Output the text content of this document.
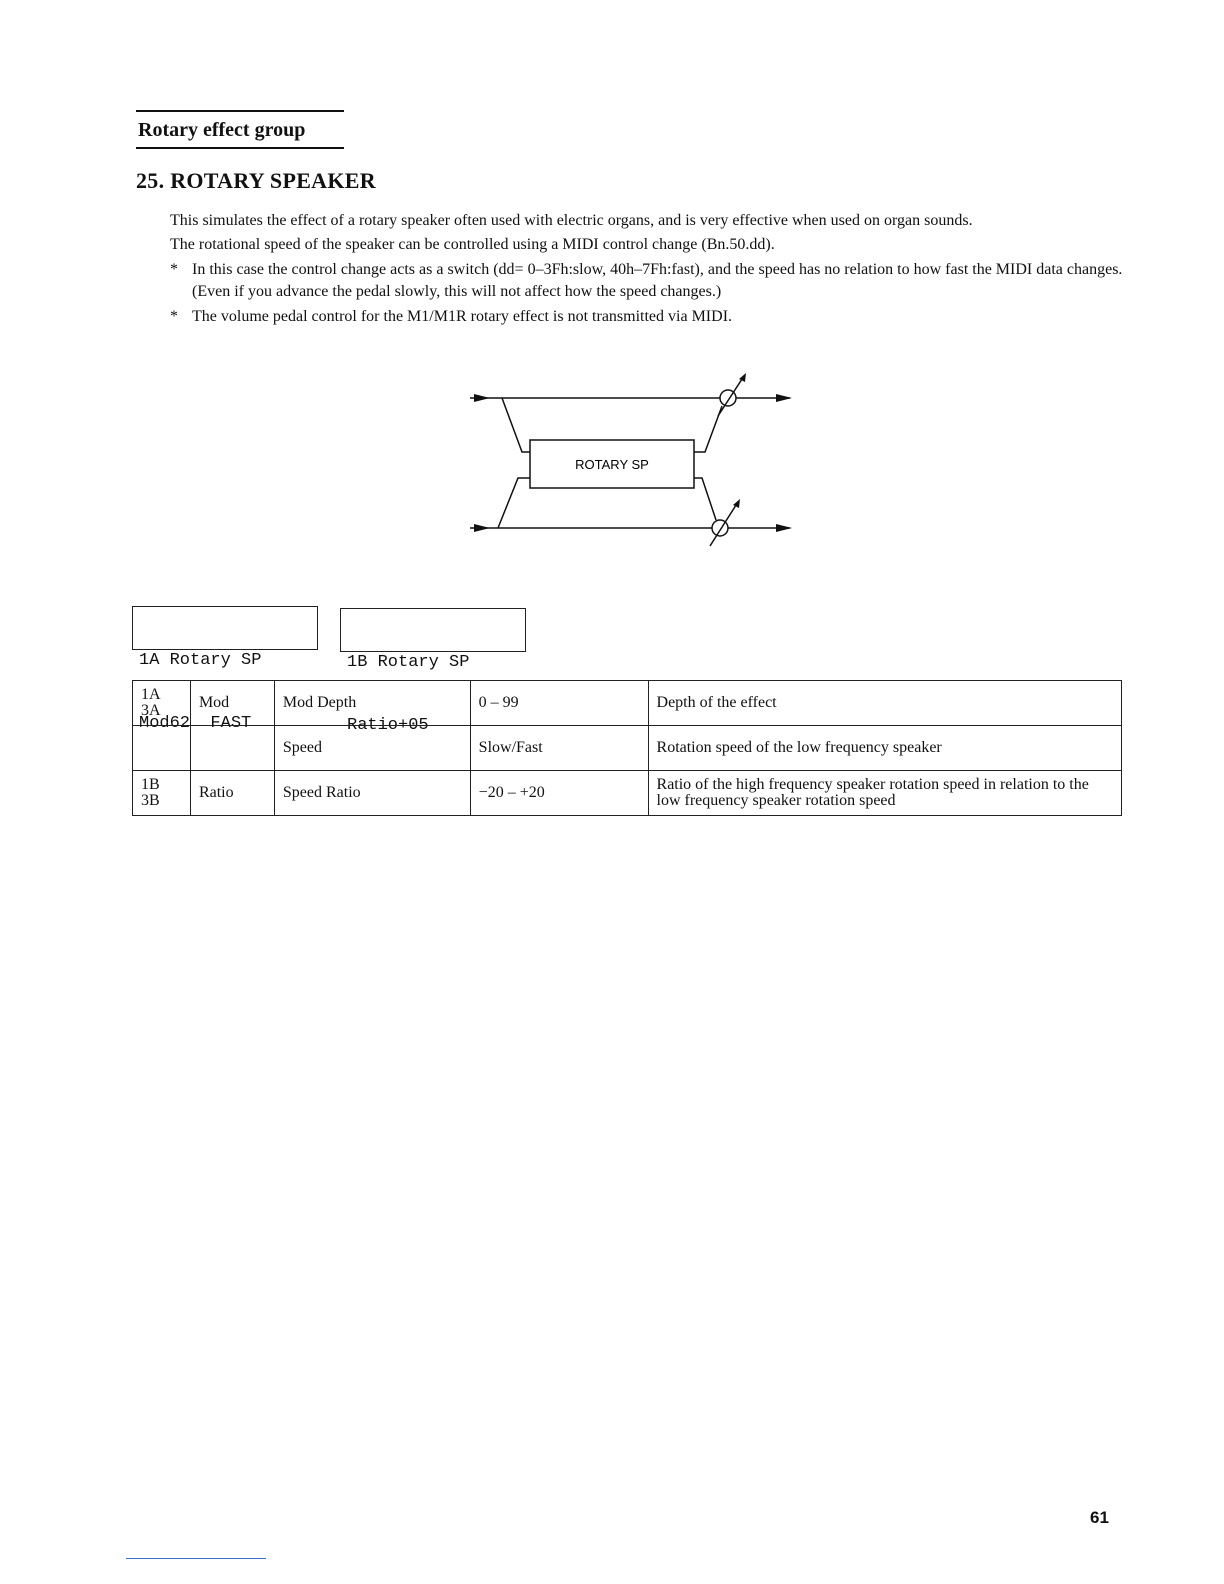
Rotary effect group
25. ROTARY SPEAKER
This simulates the effect of a rotary speaker often used with electric organs, and is very effective when used on organ sounds.
The rotational speed of the speaker can be controlled using a MIDI control change (Bn.50.dd).
* In this case the control change acts as a switch (dd= 0–3Fh:slow, 40h–7Fh:fast), and the speed has no relation to how fast the MIDI data changes. (Even if you advance the pedal slowly, this will not affect how the speed changes.)
* The volume pedal control for the M1/M1R rotary effect is not transmitted via MIDI.
ROTARY SP

1A Rotary SP

Mod62  FAST

1B Rotary SP

Ratio+05

1A
3A	Mod	Mod Depth	0 – 99	Depth of the effect
		Speed	Slow/Fast	Rotation speed of the low frequency speaker
1B
3B	Ratio	Speed Ratio	−20 – +20	Ratio of the high frequency speaker rotation speed in relation to the low frequency speaker rotation speed
61
